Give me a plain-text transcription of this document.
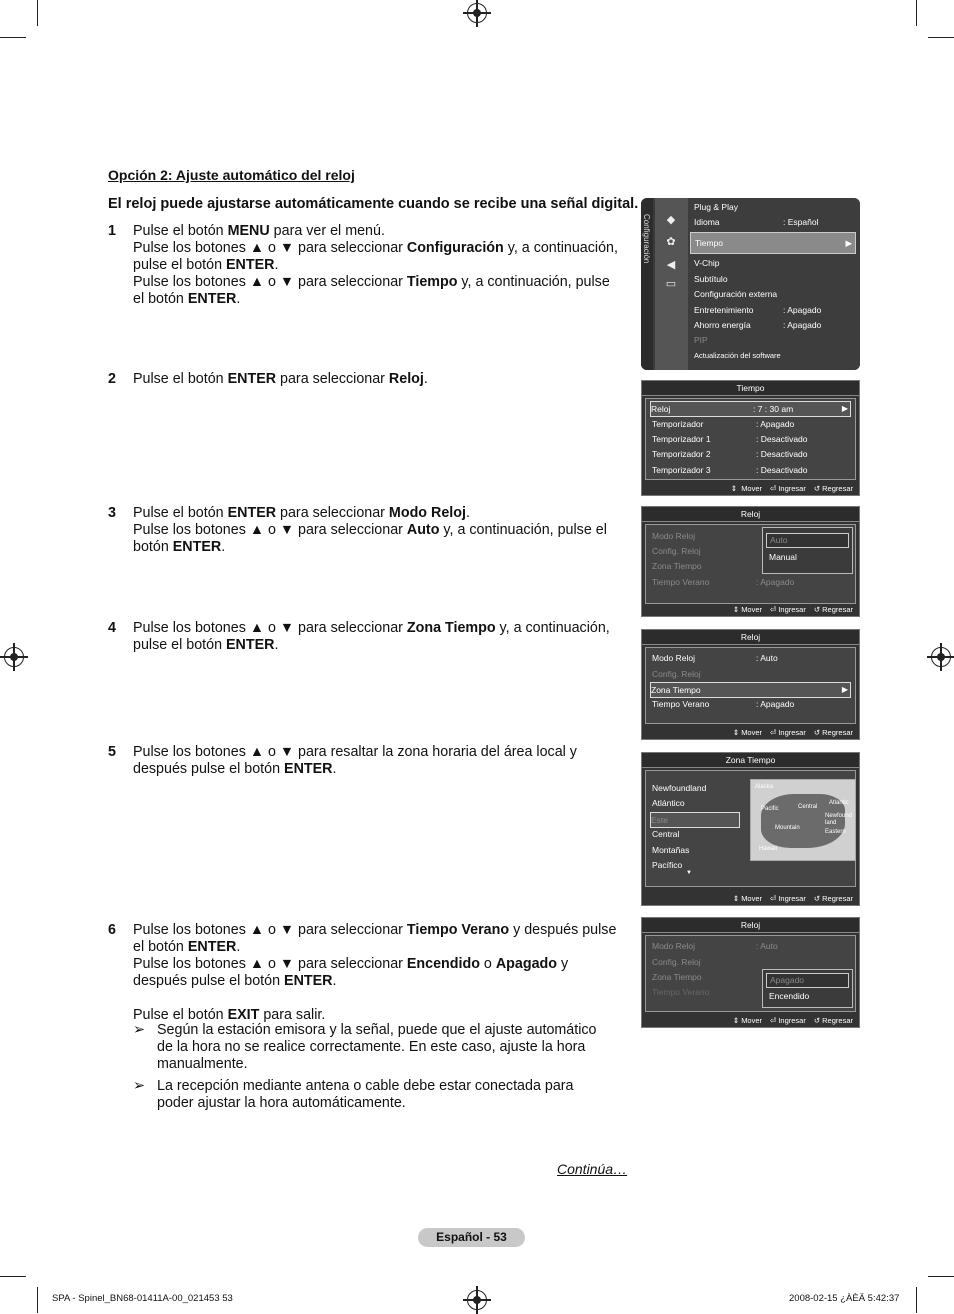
Opción 2: Ajuste automático del reloj
El reloj puede ajustarse automáticamente cuando se recibe una señal digital.
1 Pulse el botón MENU para ver el menú.
Pulse los botones ▲ o ▼ para seleccionar Configuración y, a continuación, pulse el botón ENTER.
Pulse los botones ▲ o ▼ para seleccionar Tiempo y, a continuación, pulse el botón ENTER.

2 Pulse el botón ENTER para seleccionar Reloj.

3 Pulse el botón ENTER para seleccionar Modo Reloj.
Pulse los botones ▲ o ▼ para seleccionar Auto y, a continuación, pulse el botón ENTER.

4 Pulse los botones ▲ o ▼ para seleccionar Zona Tiempo y, a continuación, pulse el botón ENTER.

5 Pulse los botones ▲ o ▼ para resaltar la zona horaria del área local y después pulse el botón ENTER.

6 Pulse los botones ▲ o ▼ para seleccionar Tiempo Verano y después pulse el botón ENTER.
Pulse los botones ▲ o ▼ para seleccionar Encendido o Apagado y después pulse el botón ENTER.

Pulse el botón EXIT para salir.

➢ Según la estación emisora y la señal, puede que el ajuste automático de la hora no se realice correctamente. En este caso, ajuste la hora manualmente.
➢ La recepción mediante antena o cable debe estar conectada para poder ajustar la hora automáticamente.
Continúa…
Configuración ◆
✿
◀
▭
Plug & Play
Idioma	: Español
Tiempo	▶
V-Chip
Subtítulo
Configuración externa
Entretenimiento	: Apagado
Ahorro energía	: Apagado
PIP
Actualización del software
Tiempo
Reloj	: 7 : 30 am	▶
Temporizador	: Apagado
Temporizador 1	: Desactivado
Temporizador 2	: Desactivado
Temporizador 3	: Desactivado
⇕ Mover ⏎ Ingresar ↺ Regresar
Reloj
Modo Reloj
Config. Reloj
Zona Tiempo
Tiempo Verano	: Apagado
Auto
Manual
⇕ Mover ⏎ Ingresar ↺ Regresar
Reloj
Modo Reloj	: Auto
Config. Reloj
Zona Tiempo	▶
Tiempo Verano	: Apagado
⇕ Mover ⏎ Ingresar ↺ Regresar
Zona Tiempo
Newfoundland
Atlántico
Este
Central
Montañas
Pacífico
▼
Alaska
Pacific	Central
Atlantic
Newfound land
Mountain
Eastern
Hawaii
⇕ Mover ⏎ Ingresar ↺ Regresar
Reloj
Modo Reloj	: Auto
Config. Reloj
Zona Tiempo
Tiempo Verano
Apagado
Encendido
⇕ Mover ⏎ Ingresar ↺ Regresar
Español - 53
SPA - Spinel_BN68-01411A-00_021453 53	2008-02-15 ¿ÀÈÄ 5:42:37
